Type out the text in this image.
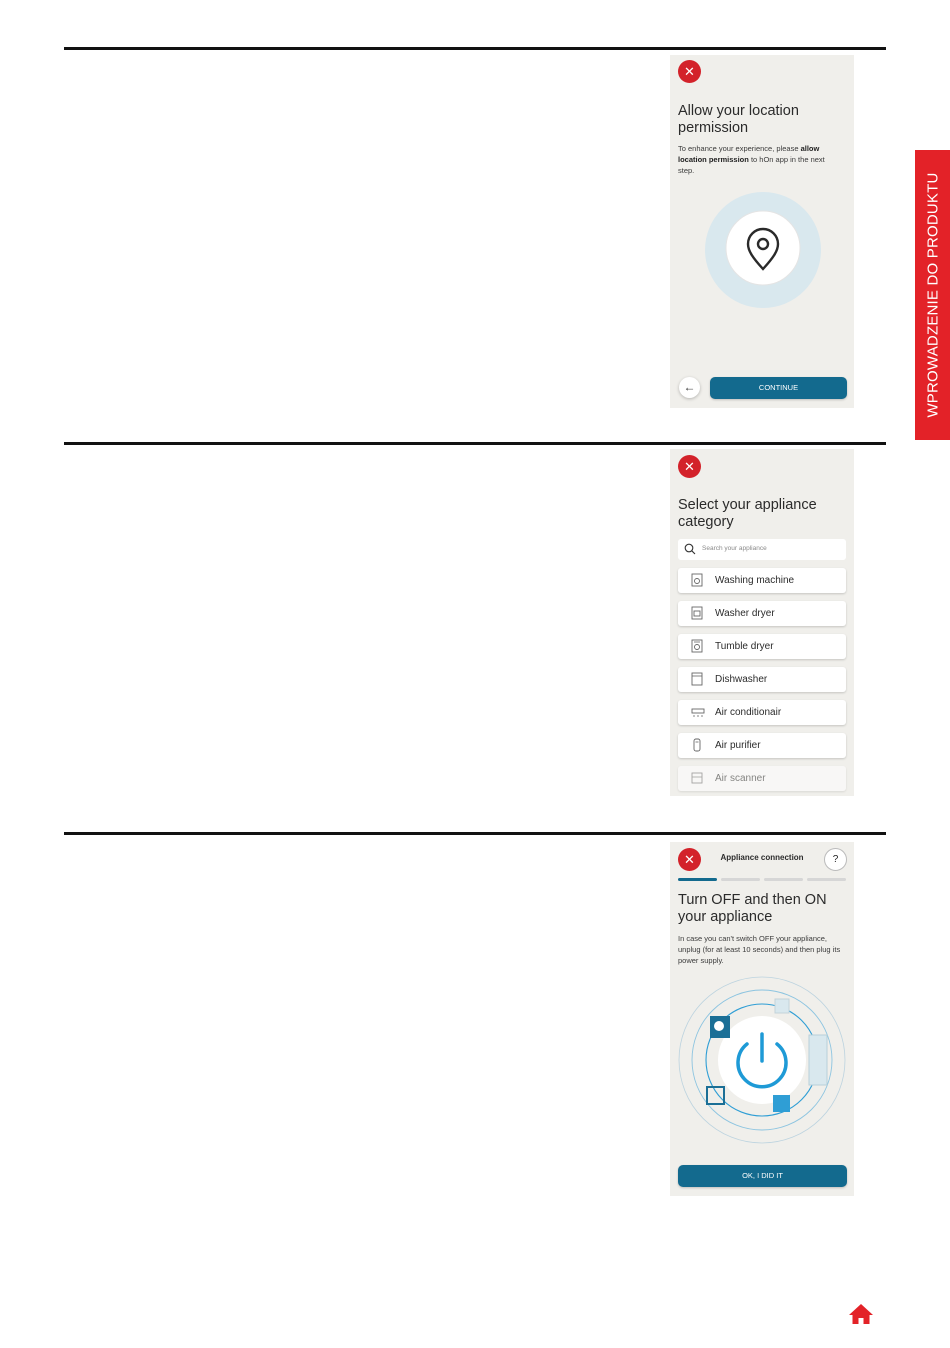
WPROWADZENIE DO PRODUKTU
✕
Allow your location permission
To enhance your experience, please allow location permission to hOn app in the next step.
←	CONTINUE
✕
Select your appliance category
Search your appliance
Washing machine
Washer dryer
Tumble dryer
Dishwasher
Air conditionair
Air purifier
Air scanner
✕	Appliance connection	?
Turn OFF and then ON your appliance
In case you can't switch OFF your appliance, unplug (for at least 10 seconds) and then plug its power supply.
OK, I DID IT
